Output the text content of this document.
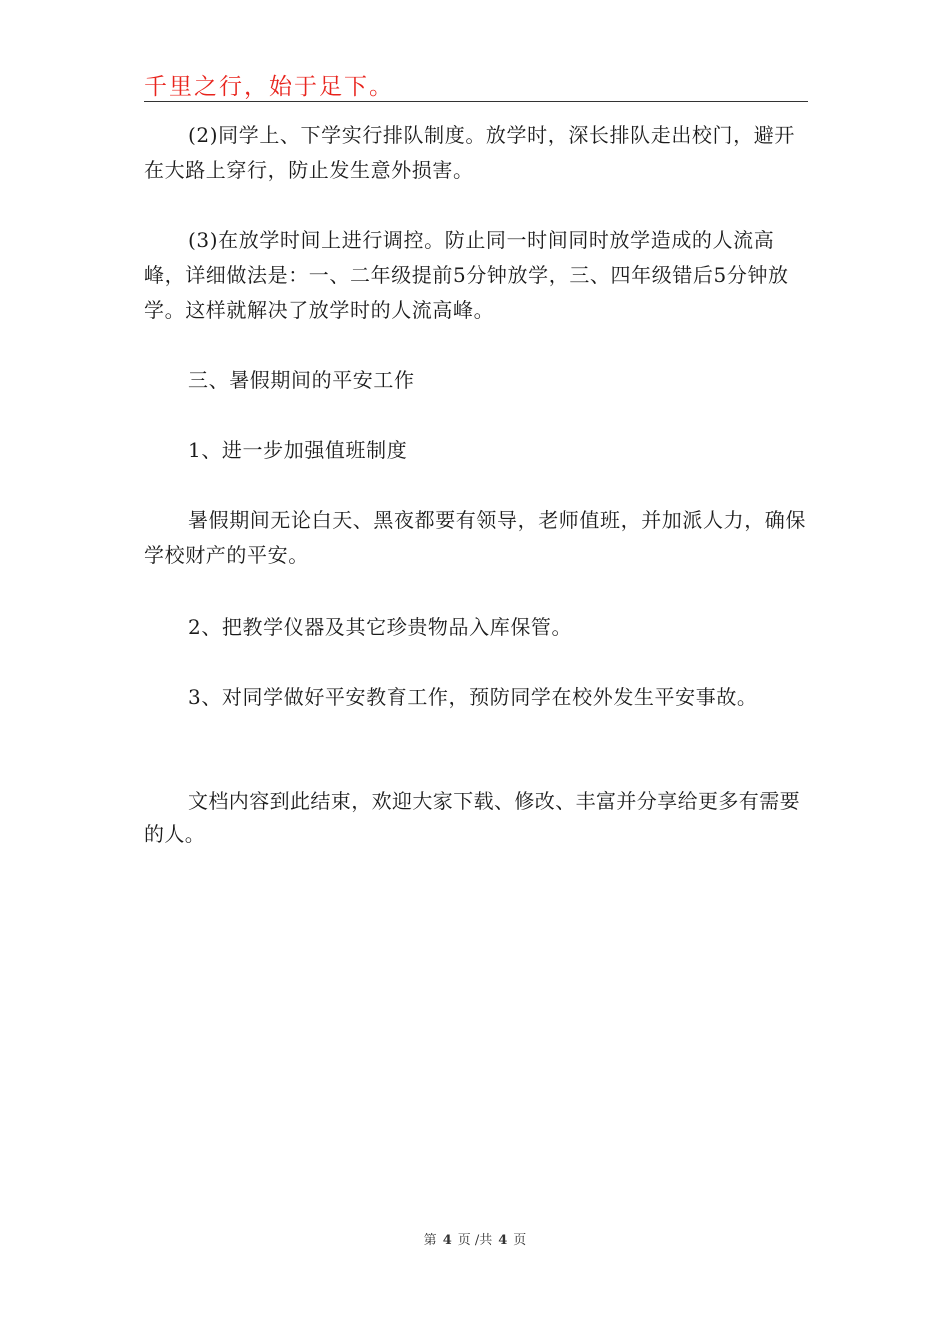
千里之行，始于足下。

(2)同学上、下学实行排队制度。放学时，深长排队走出校门，避开在大路上穿行，防止发生意外损害。

(3)在放学时间上进行调控。防止同一时间同时放学造成的人流高峰，详细做法是：一、二年级提前5分钟放学，三、四年级错后5分钟放学。这样就解决了放学时的人流高峰。

三、暑假期间的平安工作

1、进一步加强值班制度

暑假期间无论白天、黑夜都要有领导，老师值班，并加派人力，确保学校财产的平安。

2、把教学仪器及其它珍贵物品入库保管。

3、对同学做好平安教育工作，预防同学在校外发生平安事故。

文档内容到此结束，欢迎大家下载、修改、丰富并分享给更多有需要的人。

第 4 页 /共 4 页
